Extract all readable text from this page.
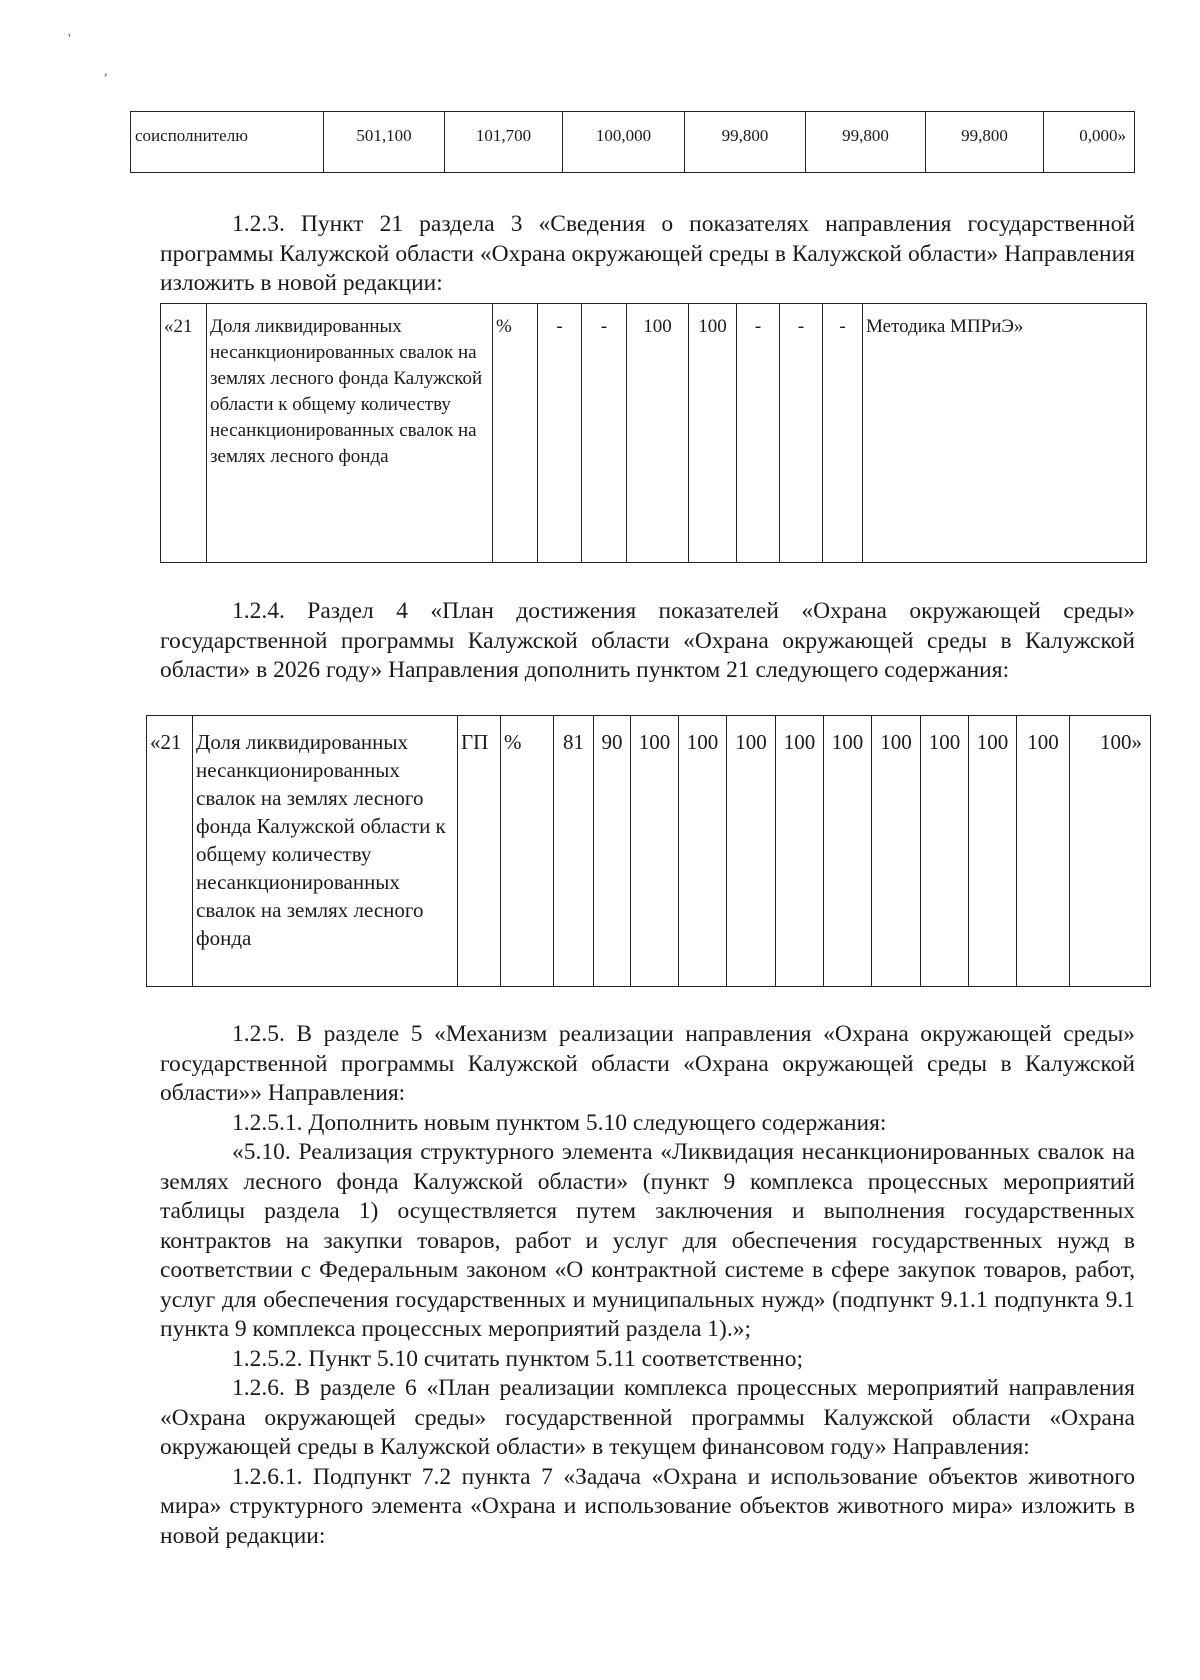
'
,
соисполнителю	501,100	101,700	100,000	99,800	99,800	99,800	0,000»

1.2.3. Пункт 21 раздела 3 «Сведения о показателях направления государственной программы Калужской области «Охрана окружающей среды в Калужской области» Направления изложить в новой редакции:

«21	Доля ликвидированных несанкционированных свалок на землях лесного фонда Калужской области к общему количеству несанкционированных свалок на землях лесного фонда	%	-	-	100	100	-	-	-	Методика МПРиЭ»

1.2.4. Раздел 4 «План достижения показателей «Охрана окружающей среды» государственной программы Калужской области «Охрана окружающей среды в Калужской области» в 2026 году» Направления дополнить пунктом 21 следующего содержания:

«21	Доля ликвидированных несанкционированных свалок на землях лесного фонда Калужской области к общему количеству несанкционированных свалок на землях лесного фонда	ГП	%	81	90	100	100	100	100	100	100	100	100	100	100»

1.2.5. В разделе 5 «Механизм реализации направления «Охрана окружающей среды» государственной программы Калужской области «Охрана окружающей среды в Калужской области»» Направления:

1.2.5.1. Дополнить новым пунктом 5.10 следующего содержания:

«5.10. Реализация структурного элемента «Ликвидация несанкционированных свалок на землях лесного фонда Калужской области» (пункт 9 комплекса процессных мероприятий таблицы раздела 1) осуществляется путем заключения и выполнения государственных контрактов на закупки товаров, работ и услуг для обеспечения государственных нужд в соответствии с Федеральным законом «О контрактной системе в сфере закупок товаров, работ, услуг для обеспечения государственных и муниципальных нужд» (подпункт 9.1.1 подпункта 9.1 пункта 9 комплекса процессных мероприятий раздела 1).»;

1.2.5.2. Пункт 5.10 считать пунктом 5.11 соответственно;

1.2.6. В разделе 6 «План реализации комплекса процессных мероприятий направления «Охрана окружающей среды» государственной программы Калужской области «Охрана окружающей среды в Калужской области» в текущем финансовом году» Направления:

1.2.6.1. Подпункт 7.2 пункта 7 «Задача «Охрана и использование объектов животного мира» структурного элемента «Охрана и использование объектов животного мира» изложить в новой редакции:
